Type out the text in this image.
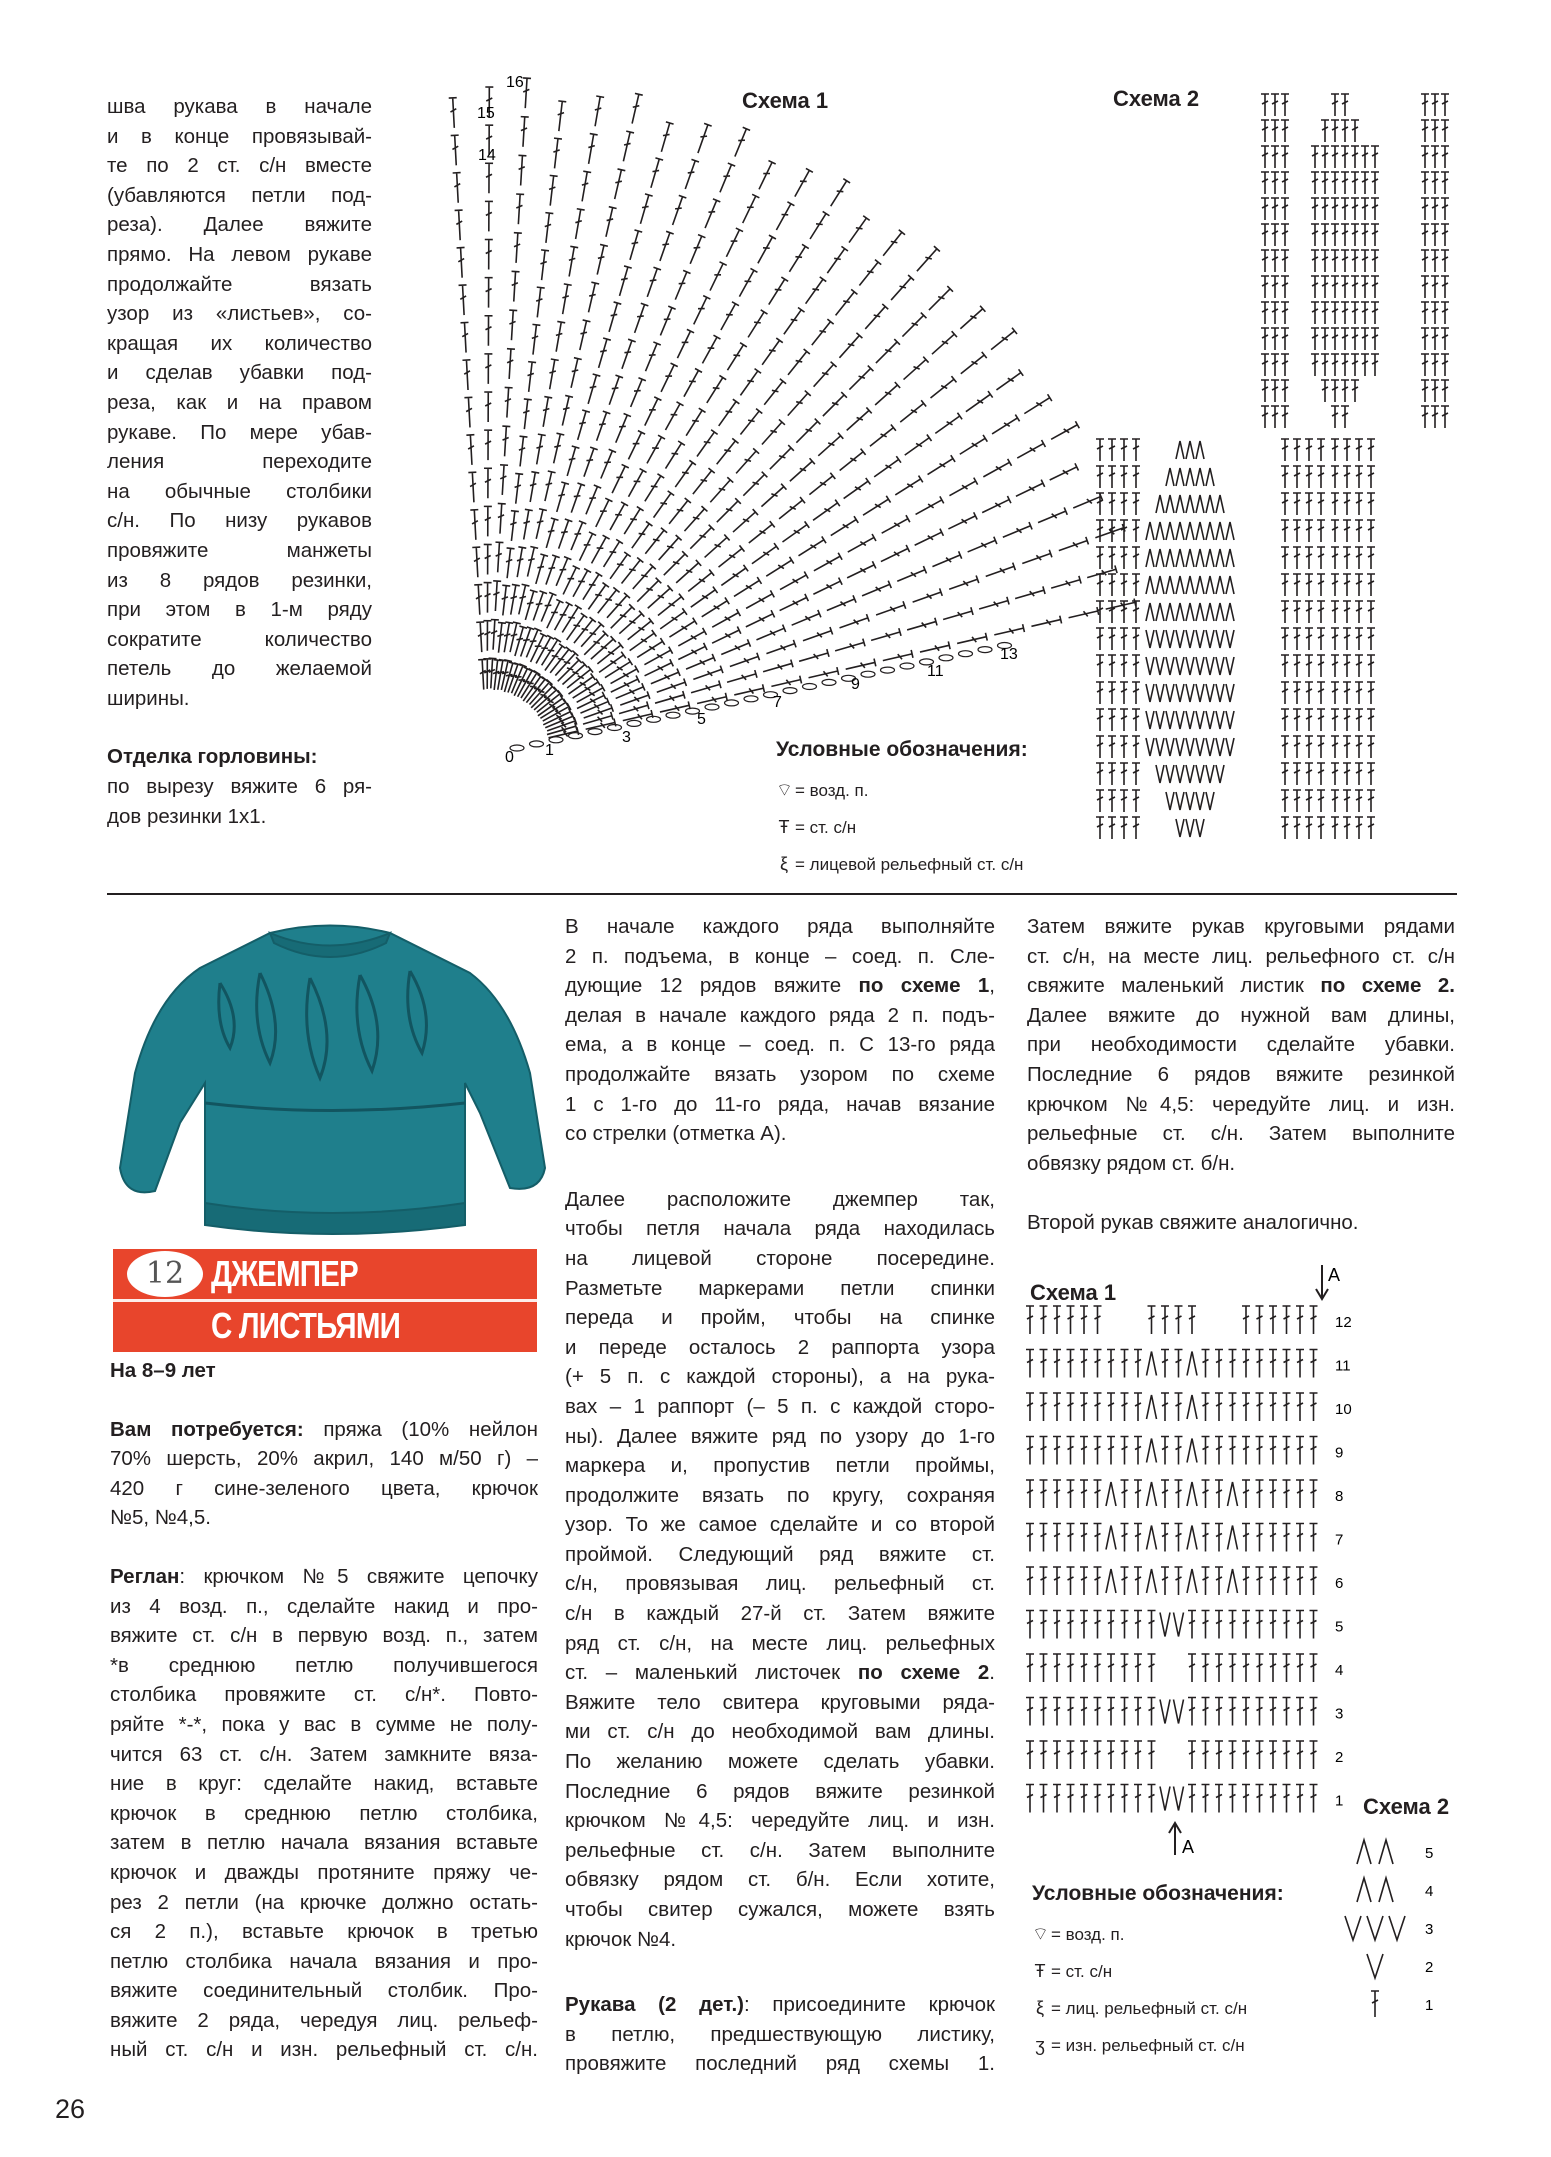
шва рукава в начале
и в конце провязывай-
те по 2 ст. с/н вместе
(убавляются петли под-
реза). Далее вяжите
прямо. На левом рукаве
продолжайте вязать
узор из «листьев», со-
кращая их количество
и сделав убавки под-
реза, как и на правом
рукаве. По мере убав-
ления переходите
на обычные столбики
с/н. По низу рукавов
провяжите манжеты
из 8 рядов резинки,
при этом в 1-м ряду
сократите количество
петель до желаемой
ширины.
Отделка горловины:
по вырезу вяжите 6 ря-
дов резинки 1х1.
Схема 1
0 1
3
5
7
9
11
13
14
15
16
Схема 2
Условные обозначения:
⌔ = возд. п.
Ŧ = ст. с/н
ξ = лицевой рельефный ст. с/н
12 ДЖЕМПЕР
С ЛИСТЬЯМИ
На 8–9 лет
Вам потребуется: пряжа (10% нейлон
70% шерсть, 20% акрил, 140 м/50 г) –
420 г сине-зеленого цвета, крючок
№5, №4,5.
Реглан: крючком №5 свяжите цепочку
из 4 возд. п., сделайте накид и про-
вяжите ст. с/н в первую возд. п., затем
*в среднюю петлю получившегося
столбика провяжите ст. с/н*. Повто-
ряйте *-*, пока у вас в сумме не полу-
чится 63 ст. с/н. Затем замкните вяза-
ние в круг: сделайте накид, вставьте
крючок в среднюю петлю столбика,
затем в петлю начала вязания вставьте
крючок и дважды протяните пряжу че-
рез 2 петли (на крючке должно остать-
ся 2 п.), вставьте крючок в третью
петлю столбика начала вязания и про-
вяжите соединительный столбик. Про-
вяжите 2 ряда, чередуя лиц. рельеф-
ный ст. с/н и изн. рельефный ст. с/н.
В начале каждого ряда выполняйте
2 п. подъема, в конце – соед. п. Сле-
дующие 12 рядов вяжите по схеме 1,
делая в начале каждого ряда 2 п. подъ-
ема, а в конце – соед. п. С 13-го ряда
продолжайте вязать узором по схеме
1 с 1-го до 11-го ряда, начав вязание
со стрелки (отметка А).
Далее расположите джемпер так,
чтобы петля начала ряда находилась
на лицевой стороне посередине.
Разметьте маркерами петли спинки
переда и пройм, чтобы на спинке
и переде осталось 2 раппорта узора
(+ 5 п. с каждой стороны), а на рука-
вах – 1 раппорт (– 5 п. с каждой сторо-
ны). Далее вяжите ряд по узору до 1-го
маркера и, пропустив петли проймы,
продолжите вязать по кругу, сохраняя
узор. То же самое сделайте и со второй
проймой. Следующий ряд вяжите ст.
с/н, провязывая лиц. рельефный ст.
с/н в каждый 27-й ст. Затем вяжите
ряд ст. с/н, на месте лиц. рельефных
ст. – маленький листочек по схеме 2.
Вяжите тело свитера круговыми ряда-
ми ст. с/н до необходимой вам длины.
По желанию можете сделать убавки.
Последние 6 рядов вяжите резинкой
крючком №4,5: чередуйте лиц. и изн.
рельефные ст. с/н. Затем выполните
обвязку рядом ст. б/н. Если хотите,
чтобы свитер сужался, можете взять
крючок №4.
Рукава (2 дет.): присоедините крючок
в петлю, предшествующую листику,
провяжите последний ряд схемы 1.
Затем вяжите рукав круговыми рядами
ст. с/н, на месте лиц. рельефного ст. с/н
свяжите маленький листик по схеме 2.
Далее вяжите до нужной вам длины,
при необходимости сделайте убавки.
Последние 6 рядов вяжите резинкой
крючком №4,5: чередуйте лиц. и изн.
рельефные ст. с/н. Затем выполните
обвязку рядом ст. б/н.
Второй рукав свяжите аналогично.
Схема 1
12
11
10
9
8
7
6
5
4
3
2
1
A
A
Схема 2
5
4
3
2
1
Условные обозначения:
⌔ = возд. п.
Ŧ = ст. с/н
ξ = лиц. рельефный ст. с/н
ʒ = изн. рельефный ст. с/н
26
